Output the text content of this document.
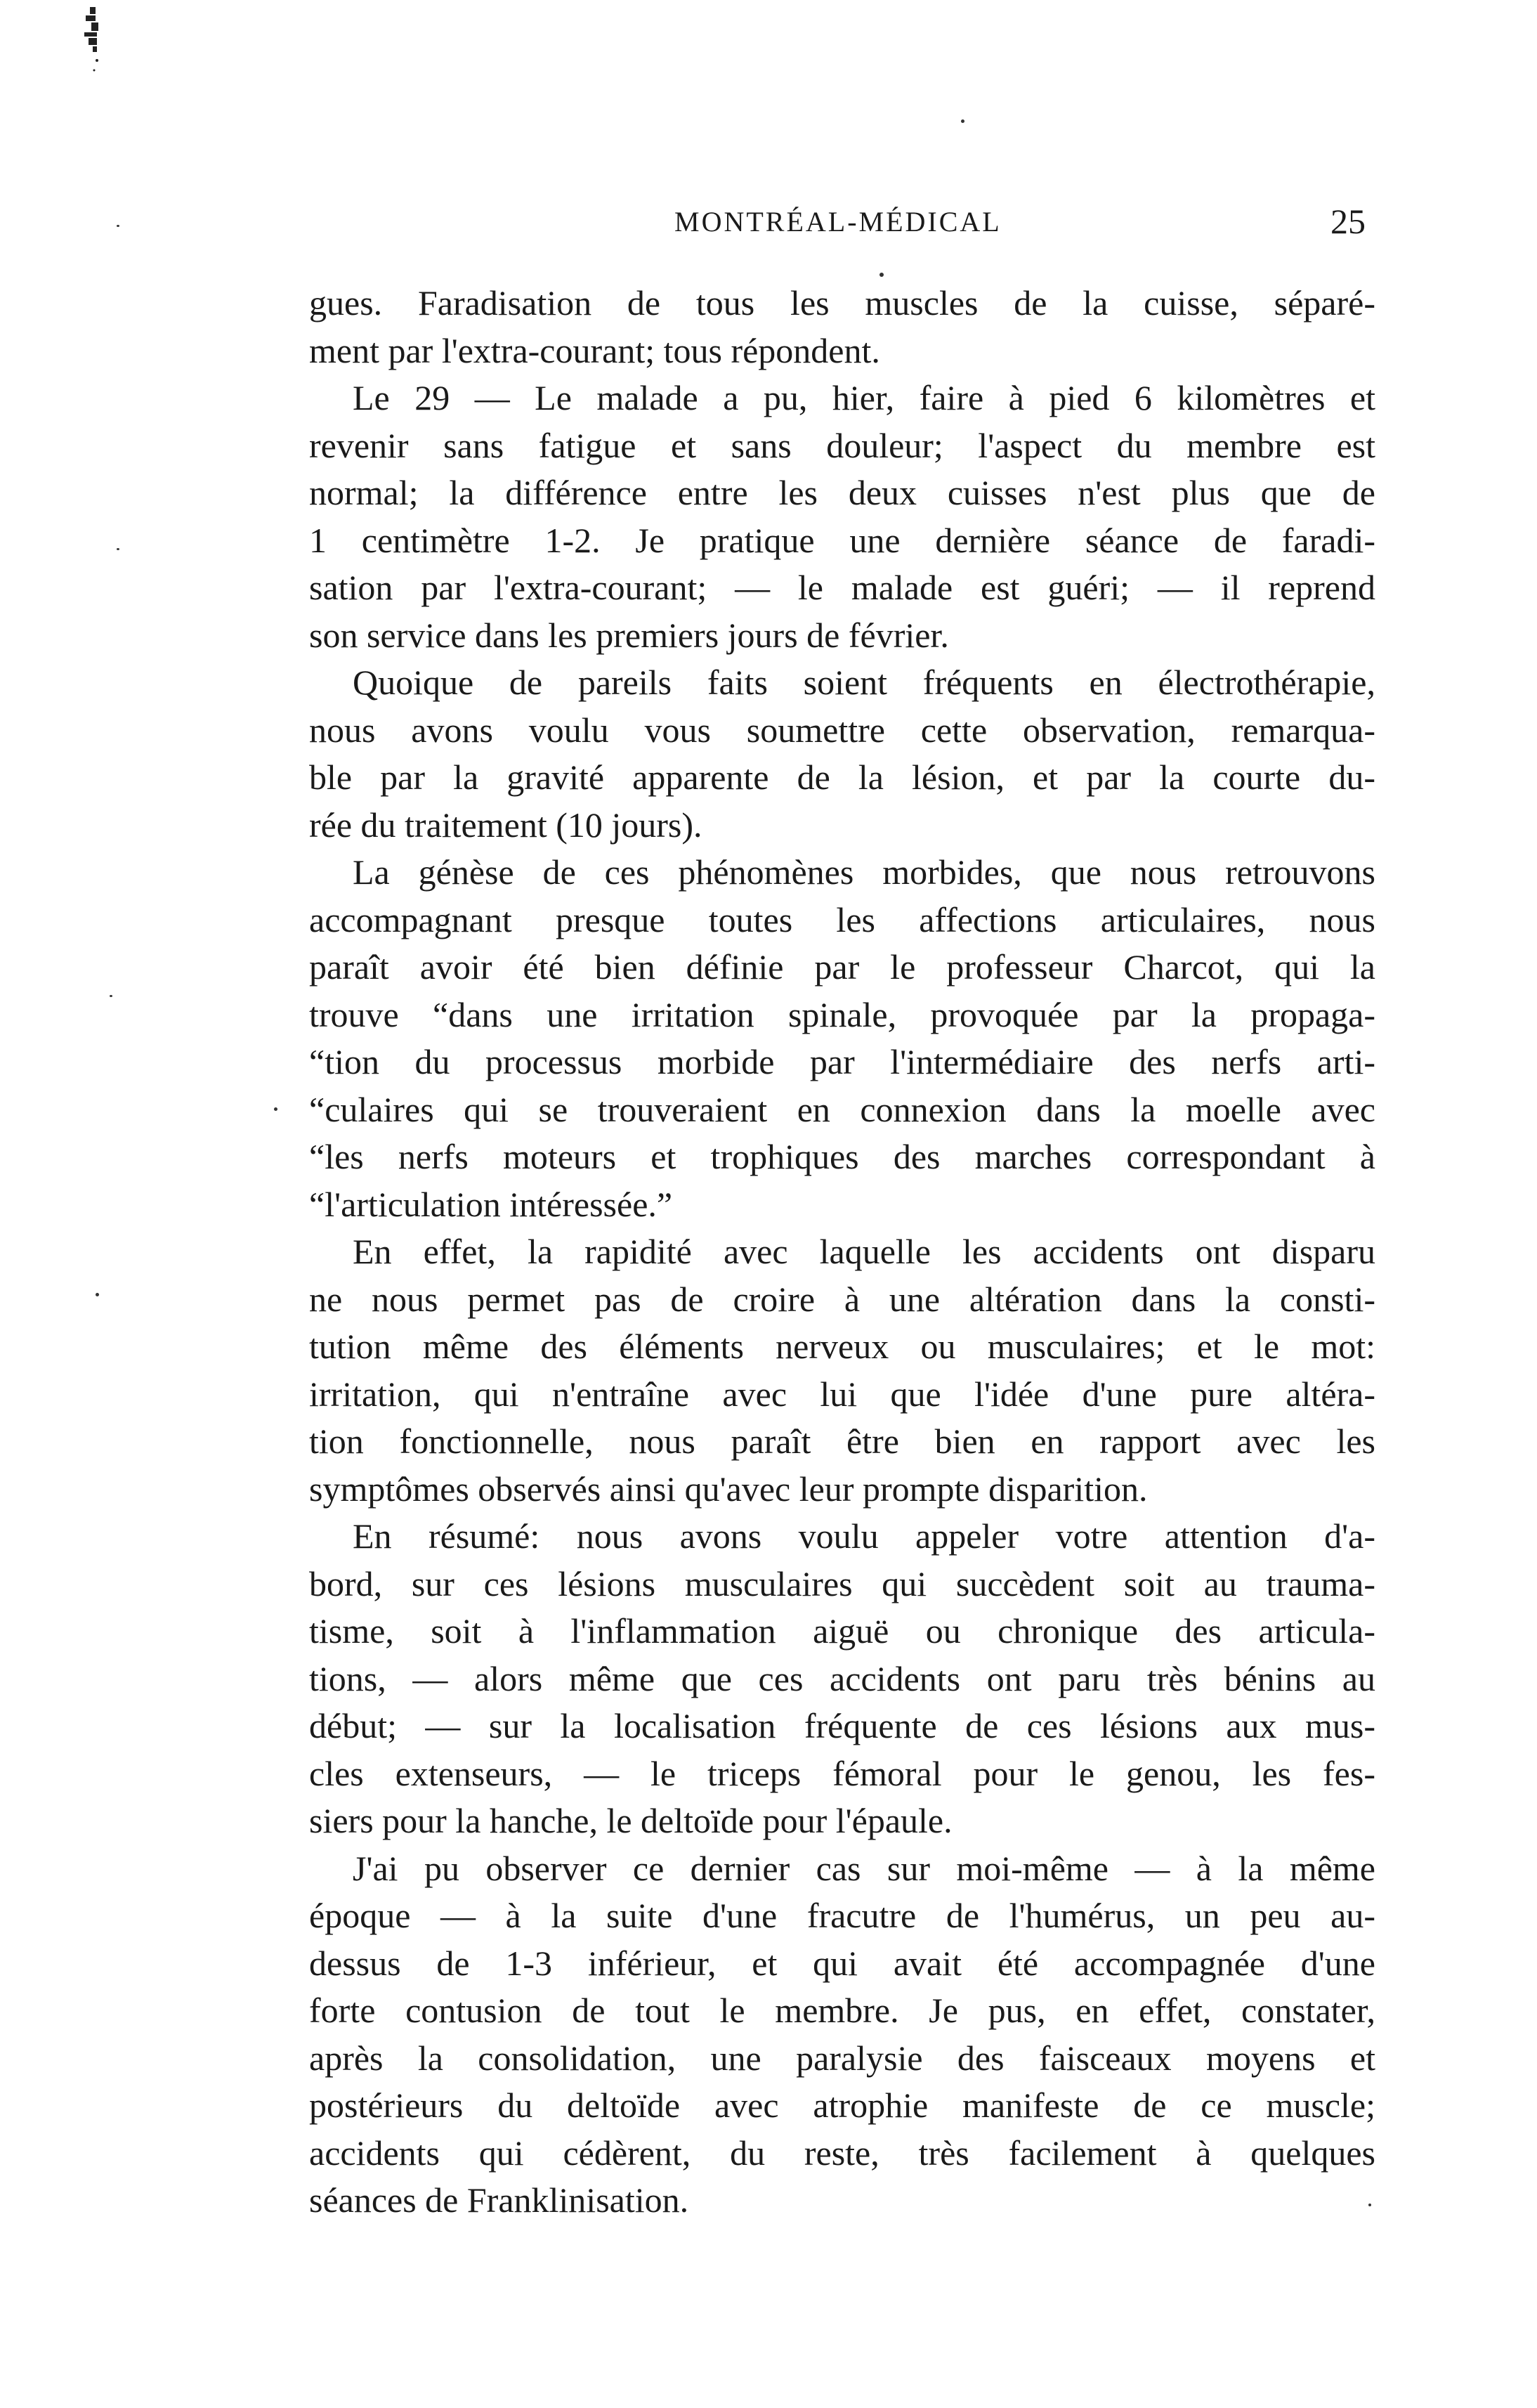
MONTRÉAL-MÉDICAL	25
gues. Faradisation de tous les muscles de la cuisse, séparé-
ment par l'extra-courant; tous répondent.
Le 29 — Le malade a pu, hier, faire à pied 6 kilomètres et
revenir sans fatigue et sans douleur; l'aspect du membre est
normal; la différence entre les deux cuisses n'est plus que de
1 centimètre 1-2. Je pratique une dernière séance de faradi-
sation par l'extra-courant; — le malade est guéri; — il reprend
son service dans les premiers jours de février.
Quoique de pareils faits soient fréquents en électrothérapie,
nous avons voulu vous soumettre cette observation, remarqua-
ble par la gravité apparente de la lésion, et par la courte du-
rée du traitement (10 jours).
La génèse de ces phénomènes morbides, que nous retrouvons
accompagnant presque toutes les affections articulaires, nous
paraît avoir été bien définie par le professeur Charcot, qui la
trouve “dans une irritation spinale, provoquée par la propaga-
“tion du processus morbide par l'intermédiaire des nerfs arti-
“culaires qui se trouveraient en connexion dans la moelle avec
“les nerfs moteurs et trophiques des marches correspondant à
“l'articulation intéressée.”
En effet, la rapidité avec laquelle les accidents ont disparu
ne nous permet pas de croire à une altération dans la consti-
tution même des éléments nerveux ou musculaires; et le mot:
irritation, qui n'entraîne avec lui que l'idée d'une pure altéra-
tion fonctionnelle, nous paraît être bien en rapport avec les
symptômes observés ainsi qu'avec leur prompte disparition.
En résumé: nous avons voulu appeler votre attention d'a-
bord, sur ces lésions musculaires qui succèdent soit au trauma-
tisme, soit à l'inflammation aiguë ou chronique des articula-
tions, — alors même que ces accidents ont paru très bénins au
début; — sur la localisation fréquente de ces lésions aux mus-
cles extenseurs, — le triceps fémoral pour le genou, les fes-
siers pour la hanche, le deltoïde pour l'épaule.
J'ai pu observer ce dernier cas sur moi-même — à la même
époque — à la suite d'une fracutre de l'humérus, un peu au-
dessus de 1-3 inférieur, et qui avait été accompagnée d'une
forte contusion de tout le membre. Je pus, en effet, constater,
après la consolidation, une paralysie des faisceaux moyens et
postérieurs du deltoïde avec atrophie manifeste de ce muscle;
accidents qui cédèrent, du reste, très facilement à quelques
séances de Franklinisation.
